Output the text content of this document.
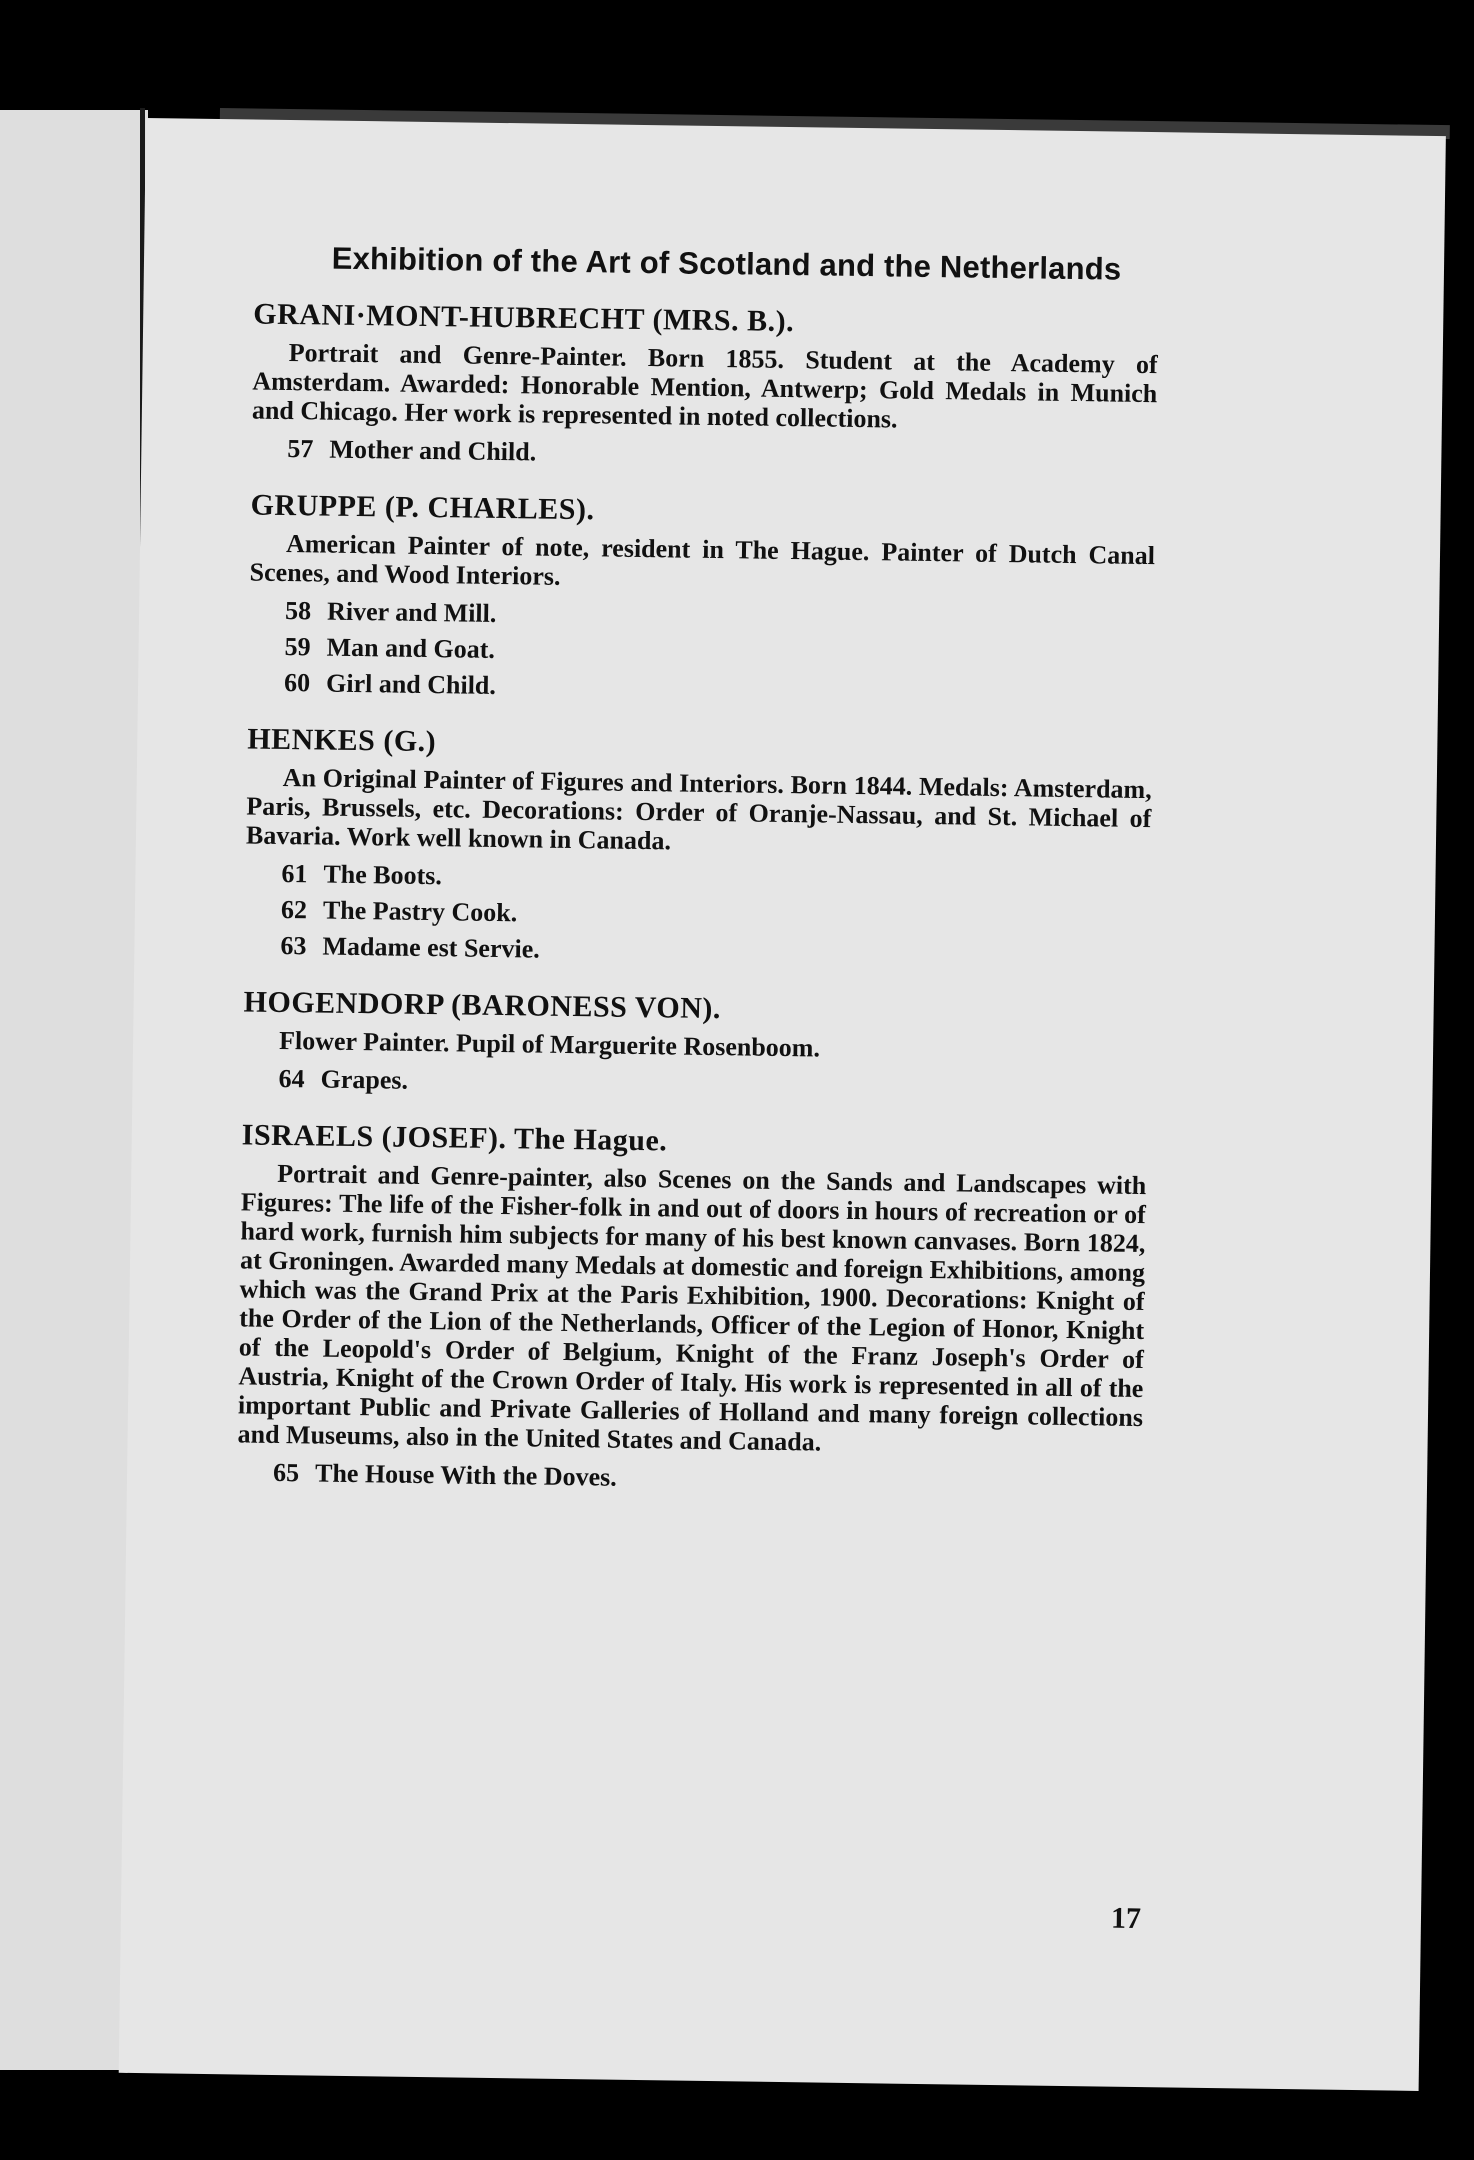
Exhibition of the Art of Scotland and the Netherlands
GRANI·MONT-HUBRECHT (MRS. B.).

Portrait and Genre-Painter. Born 1855. Student at the Academy of Amsterdam. Awarded: Honorable Mention, Antwerp; Gold Medals in Munich and Chicago. Her work is represented in noted collections.

57 Mother and Child.
GRUPPE (P. CHARLES).

American Painter of note, resident in The Hague. Painter of Dutch Canal Scenes, and Wood Interiors.

58 River and Mill.
59 Man and Goat.
60 Girl and Child.
HENKES (G.)

An Original Painter of Figures and Interiors. Born 1844. Medals: Amsterdam, Paris, Brussels, etc. Decorations: Order of Oranje-Nassau, and St. Michael of Bavaria. Work well known in Canada.

61 The Boots.
62 The Pastry Cook.
63 Madame est Servie.
HOGENDORP (BARONESS VON).

Flower Painter. Pupil of Marguerite Rosenboom.

64 Grapes.
ISRAELS (JOSEF). The Hague.

Portrait and Genre-painter, also Scenes on the Sands and Landscapes with Figures: The life of the Fisher-folk in and out of doors in hours of recreation or of hard work, furnish him subjects for many of his best known canvases. Born 1824, at Groningen. Awarded many Medals at domestic and foreign Exhibitions, among which was the Grand Prix at the Paris Exhibition, 1900. Decorations: Knight of the Order of the Lion of the Netherlands, Officer of the Legion of Honor, Knight of the Leopold's Order of Belgium, Knight of the Franz Joseph's Order of Austria, Knight of the Crown Order of Italy. His work is represented in all of the important Public and Private Galleries of Holland and many foreign collections and Museums, also in the United States and Canada.

65 The House With the Doves.
17
